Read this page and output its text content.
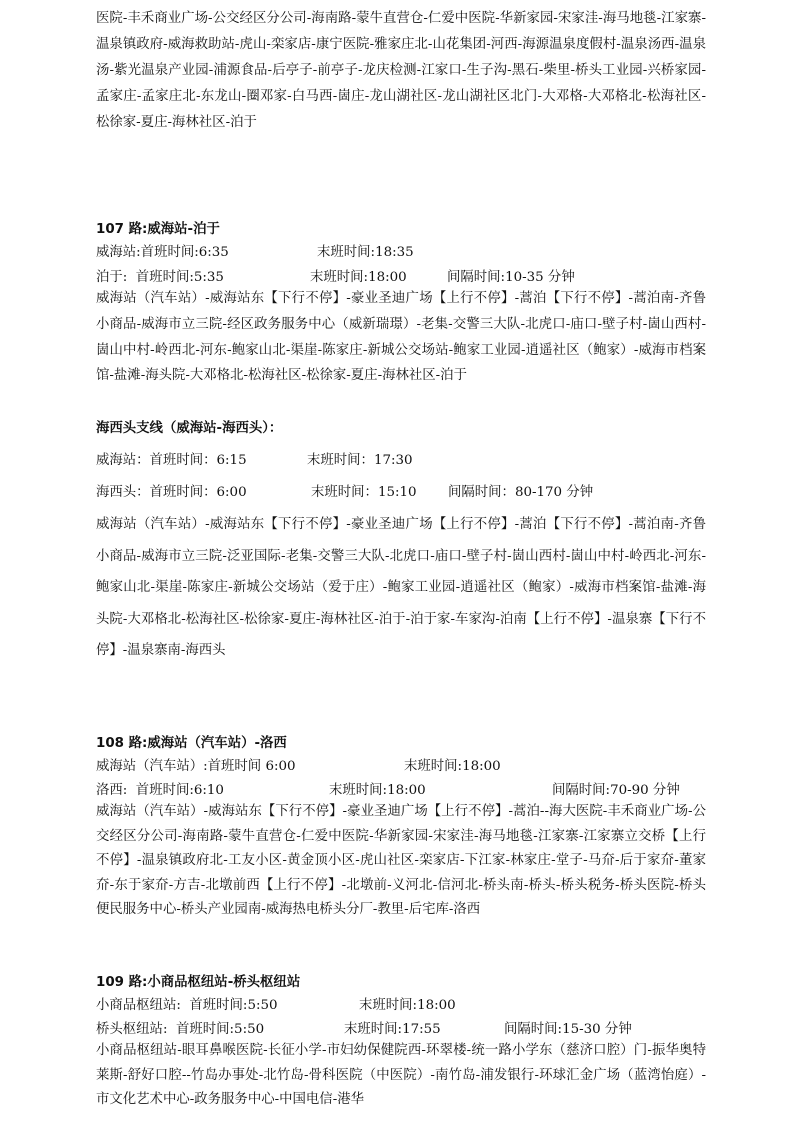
医院-丰禾商业广场-公交经区分公司-海南路-蒙牛直营仓-仁爱中医院-华新家园-宋家洼-海马地毯-江家寨-温泉镇政府-威海救助站-虎山-栾家店-康宁医院-雅家庄北-山花集团-河西-海源温泉度假村-温泉汤西-温泉汤-紫光温泉产业园-浦源食品-后亭子-前亭子-龙庆检测-江家口-生子沟-黑石-柴里-桥头工业园-兴桥家园-孟家庄-孟家庄北-东龙山-圈邓家-白马西-崮庄-龙山湖社区-龙山湖社区北门-大邓格-大邓格北-松海社区-松徐家-夏庄-海林社区-泊于

107 路:威海站-泊于

威海站:首班时间:6:35	末班时间:18:35
泊于:  首班时间:5:35	末班时间:18:00	间隔时间:10-35 分钟

威海站（汽车站）-威海站东【下行不停】-豪业圣迪广场【上行不停】-蒿泊【下行不停】-蒿泊南-齐鲁小商品-威海市立三院-经区政务服务中心（威新瑞璟）-老集-交警三大队-北虎口-庙口-壁子村-崮山西村-崮山中村-岭西北-河东-鲍家山北-渠崖-陈家庄-新城公交场站-鲍家工业园-逍遥社区（鲍家）-威海市档案馆-盐滩-海头院-大邓格北-松海社区-松徐家-夏庄-海林社区-泊于

海西头支线（威海站-海西头）：

威海站：首班时间：6:15	末班时间：17:30
海西头：首班时间：6:00	末班时间：15:10	间隔时间：80-170 分钟

威海站（汽车站）-威海站东【下行不停】-豪业圣迪广场【上行不停】-蒿泊【下行不停】-蒿泊南-齐鲁小商品-威海市立三院-泛亚国际-老集-交警三大队-北虎口-庙口-壁子村-崮山西村-崮山中村-岭西北-河东-鲍家山北-渠崖-陈家庄-新城公交场站（爱于庄）-鲍家工业园-逍遥社区（鲍家）-威海市档案馆-盐滩-海头院-大邓格北-松海社区-松徐家-夏庄-海林社区-泊于-泊于家-车家沟-泊南【上行不停】-温泉寨【下行不停】-温泉寨南-海西头

108 路:威海站（汽车站）-洛西

威海站（汽车站）:首班时间 6:00	末班时间:18:00
洛西:  首班时间:6:10	末班时间:18:00	间隔时间:70-90 分钟

威海站（汽车站）-威海站东【下行不停】-豪业圣迪广场【上行不停】-蒿泊--海大医院-丰禾商业广场-公交经区分公司-海南路-蒙牛直营仓-仁爱中医院-华新家园-宋家洼-海马地毯-江家寨-江家寨立交桥【上行不停】-温泉镇政府北-工友小区-黄金顶小区-虎山社区-栾家店-下江家-林家庄-堂子-马夼-后于家夼-董家夼-东于家夼-方吉-北墩前西【上行不停】-北墩前-义河北-信河北-桥头南-桥头-桥头税务-桥头医院-桥头便民服务中心-桥头产业园南-威海热电桥头分厂-教里-后宅库-洛西

109 路:小商品枢纽站-桥头枢纽站

小商品枢纽站:  首班时间:5:50	末班时间:18:00
桥头枢纽站:  首班时间:5:50	末班时间:17:55	间隔时间:15-30 分钟

小商品枢纽站-眼耳鼻喉医院-长征小学-市妇幼保健院西-环翠楼-统一路小学东（慈济口腔）门-振华奥特莱斯-舒好口腔--竹岛办事处-北竹岛-骨科医院（中医院）-南竹岛-浦发银行-环球汇金广场（蓝湾怡庭）-市文化艺术中心-政务服务中心-中国电信-港华
